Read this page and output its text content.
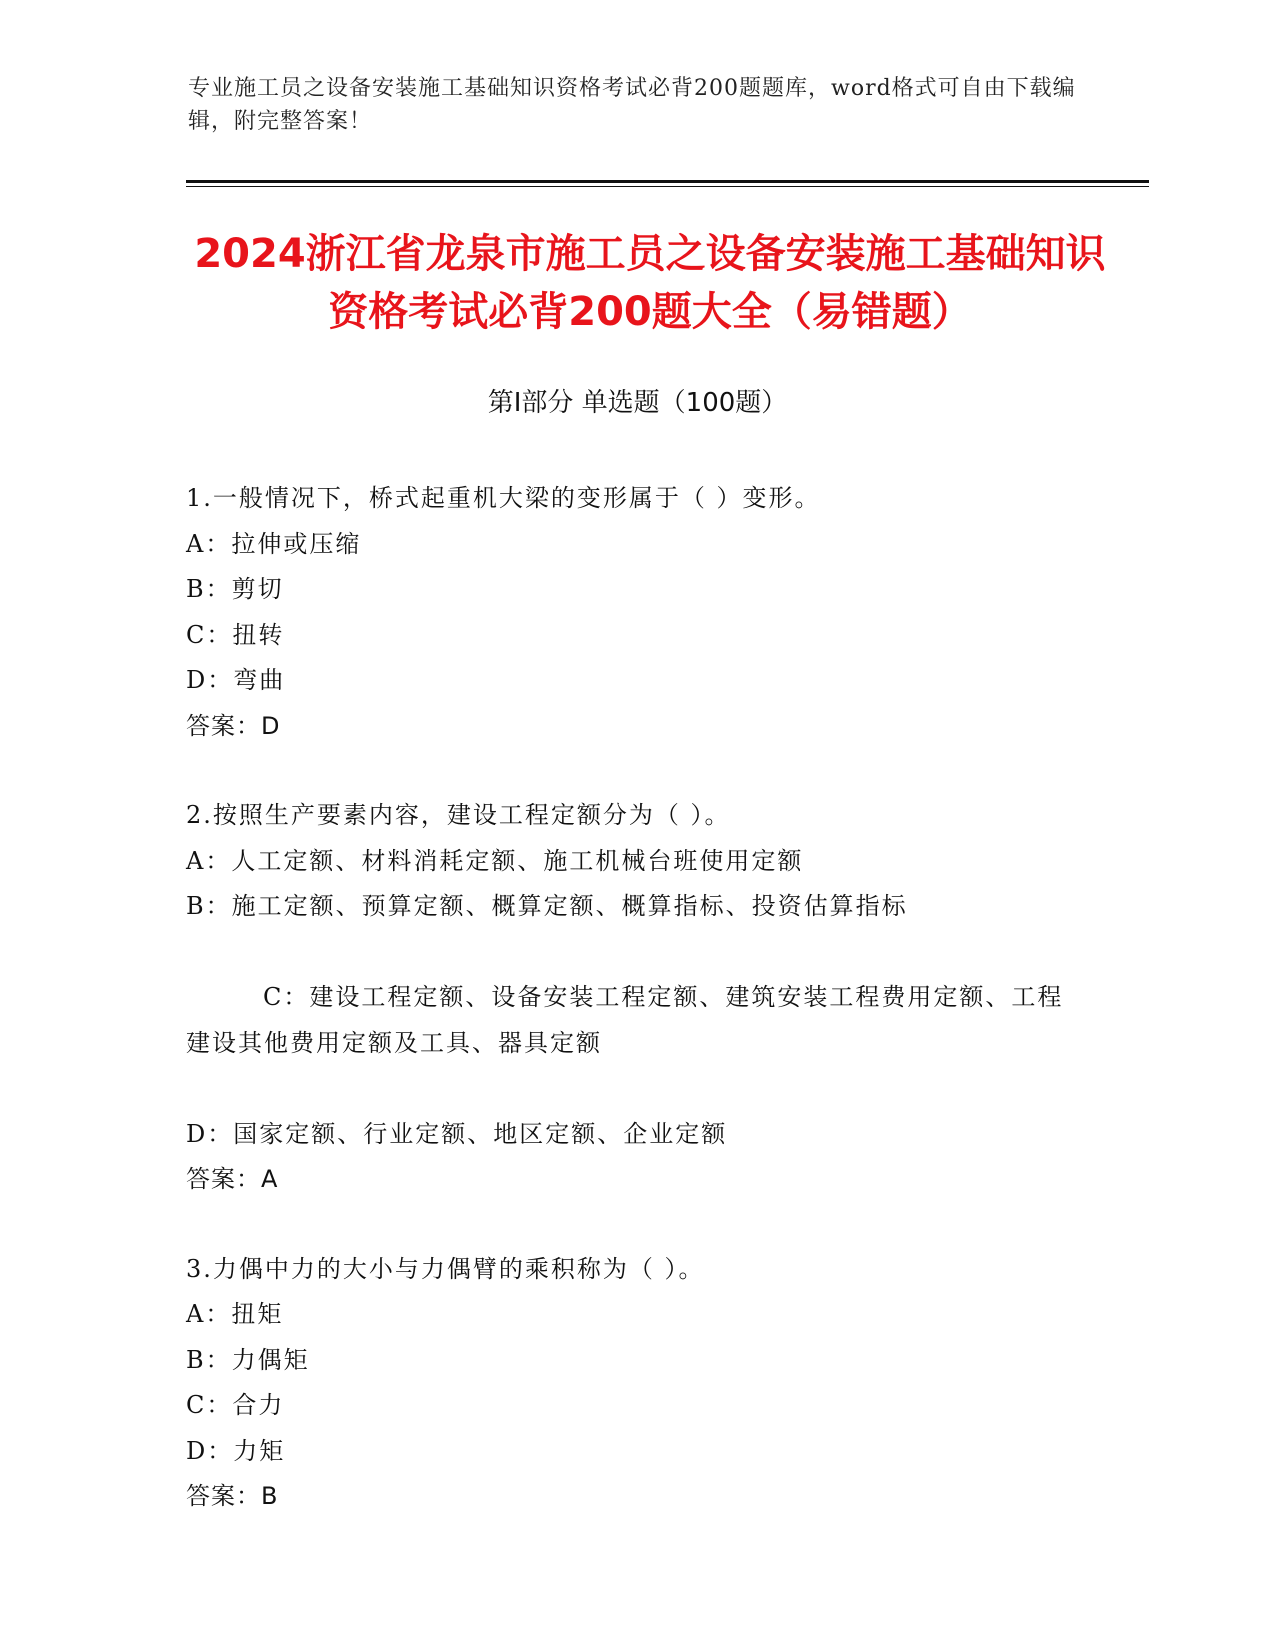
专业施工员之设备安装施工基础知识资格考试必背200题题库，word格式可自由下载编辑，附完整答案！
2024浙江省龙泉市施工员之设备安装施工基础知识资格考试必背200题大全（易错题）
第Ⅰ部分 单选题（100题）
1.一般情况下，桥式起重机大梁的变形属于（ ）变形。
A： 拉伸或压缩
B： 剪切
C： 扭转
D： 弯曲
答案：D
2.按照生产要素内容，建设工程定额分为（ ）。
A： 人工定额、材料消耗定额、施工机械台班使用定额
B： 施工定额、预算定额、概算定额、概算指标、投资估算指标

C：建设工程定额、设备安装工程定额、建筑安装工程费用定额、工程建设其他费用定额及工具、器具定额

D： 国家定额、行业定额、地区定额、企业定额
答案：A
3.力偶中力的大小与力偶臂的乘积称为（ ）。
A： 扭矩
B： 力偶矩
C： 合力
D： 力矩
答案：B
